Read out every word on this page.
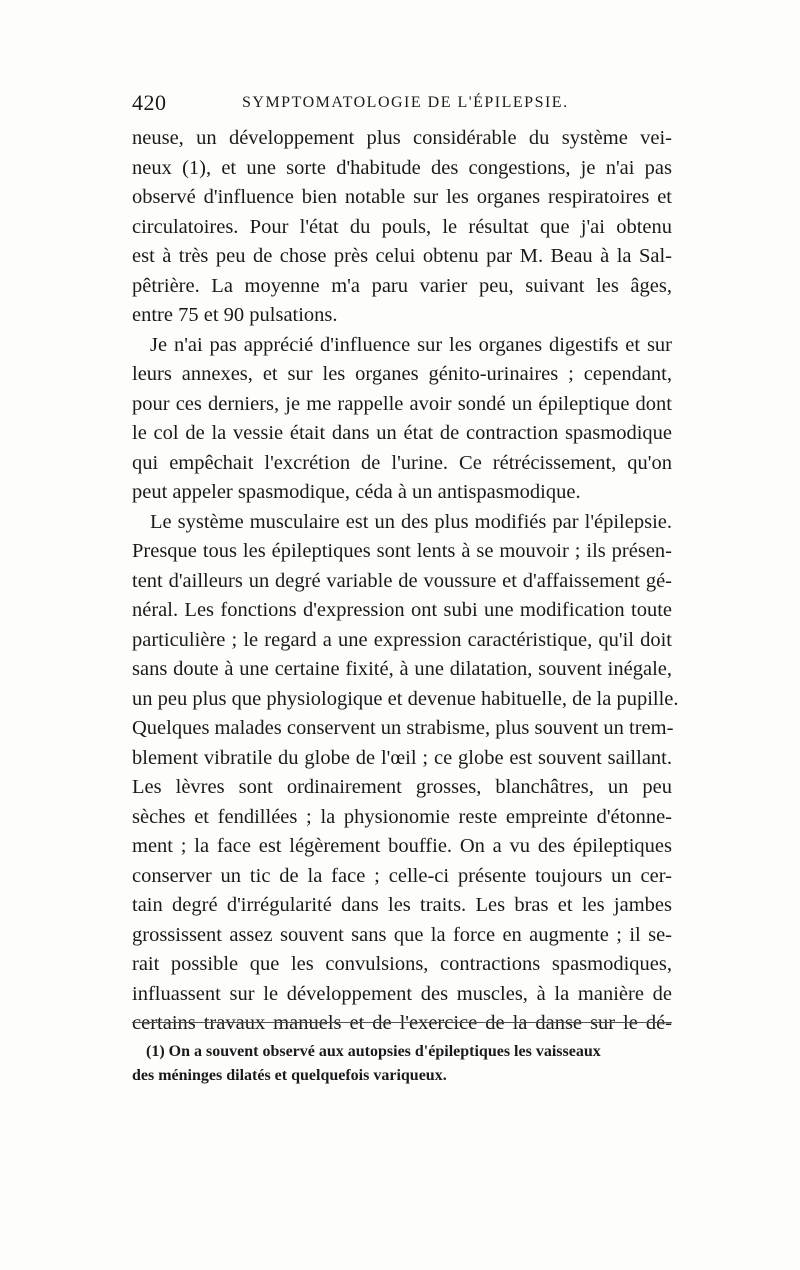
420	SYMPTOMATOLOGIE DE L'ÉPILEPSIE.
neuse, un développement plus considérable du système vei-
neux (1), et une sorte d'habitude des congestions, je n'ai pas
observé d'influence bien notable sur les organes respiratoires et
circulatoires. Pour l'état du pouls, le résultat que j'ai obtenu
est à très peu de chose près celui obtenu par M. Beau à la Sal-
pêtrière. La moyenne m'a paru varier peu, suivant les âges,
entre 75 et 90 pulsations.
Je n'ai pas apprécié d'influence sur les organes digestifs et sur
leurs annexes, et sur les organes génito-urinaires ; cependant,
pour ces derniers, je me rappelle avoir sondé un épileptique dont
le col de la vessie était dans un état de contraction spasmodique
qui empêchait l'excrétion de l'urine. Ce rétrécissement, qu'on
peut appeler spasmodique, céda à un antispasmodique.
Le système musculaire est un des plus modifiés par l'épilepsie.
Presque tous les épileptiques sont lents à se mouvoir ; ils présen-
tent d'ailleurs un degré variable de voussure et d'affaissement gé-
néral. Les fonctions d'expression ont subi une modification toute
particulière ; le regard a une expression caractéristique, qu'il doit
sans doute à une certaine fixité, à une dilatation, souvent inégale,
un peu plus que physiologique et devenue habituelle, de la pupille.
Quelques malades conservent un strabisme, plus souvent un trem-
blement vibratile du globe de l'œil ; ce globe est souvent saillant.
Les lèvres sont ordinairement grosses, blanchâtres, un peu
sèches et fendillées ; la physionomie reste empreinte d'étonne-
ment ; la face est légèrement bouffie. On a vu des épileptiques
conserver un tic de la face ; celle-ci présente toujours un cer-
tain degré d'irrégularité dans les traits. Les bras et les jambes
grossissent assez souvent sans que la force en augmente ; il se-
rait possible que les convulsions, contractions spasmodiques,
influassent sur le développement des muscles, à la manière de
certains travaux manuels et de l'exercice de la danse sur le dé-
(1) On a souvent observé aux autopsies d'épileptiques les vaisseaux
des méninges dilatés et quelquefois variqueux.
